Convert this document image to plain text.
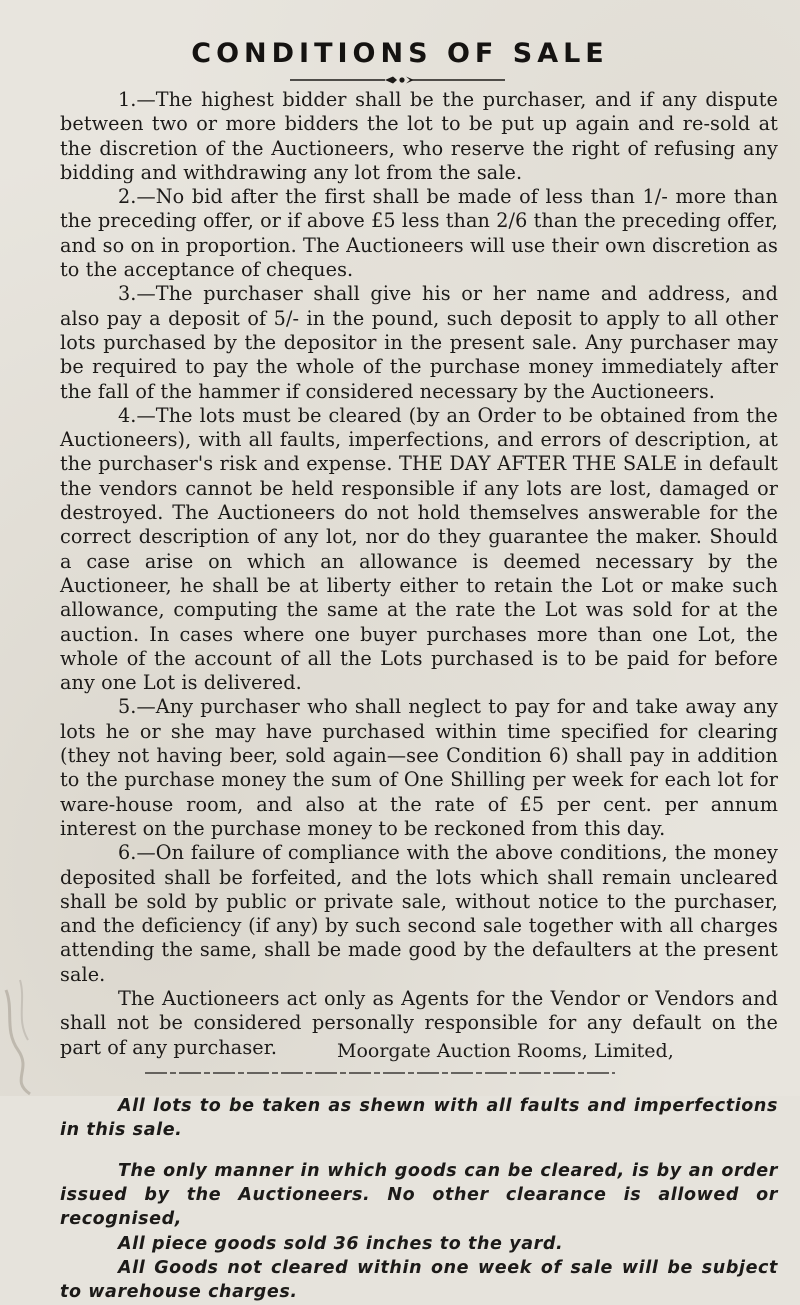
CONDITIONS OF SALE

1.—The highest bidder shall be the purchaser, and if any dispute between two or more bidders the lot to be put up again and re-sold at the discretion of the Auctioneers, who reserve the right of refusing any bidding and withdrawing any lot from the sale.

2.—No bid after the first shall be made of less than 1/- more than the preceding offer, or if above £5 less than 2/6 than the preceding offer, and so on in proportion. The Auctioneers will use their own discretion as to the acceptance of cheques.

3.—The purchaser shall give his or her name and address, and also pay a deposit of 5/- in the pound, such deposit to apply to all other lots purchased by the depositor in the present sale. Any purchaser may be required to pay the whole of the purchase money immediately after the fall of the hammer if considered necessary by the Auctioneers.

4.—The lots must be cleared (by an Order to be obtained from the Auctioneers), with all faults, imperfections, and errors of description, at the purchaser's risk and expense. THE DAY AFTER THE SALE in default the vendors cannot be held responsible if any lots are lost, damaged or destroyed. The Auctioneers do not hold themselves answerable for the correct description of any lot, nor do they guarantee the maker. Should a case arise on which an allowance is deemed necessary by the Auctioneer, he shall be at liberty either to retain the Lot or make such allowance, computing the same at the rate the Lot was sold for at the auction. In cases where one buyer purchases more than one Lot, the whole of the account of all the Lots purchased is to be paid for before any one Lot is delivered.

5.—Any purchaser who shall neglect to pay for and take away any lots he or she may have purchased within time specified for clearing (they not having beer, sold again—see Condition 6) shall pay in addition to the purchase money the sum of One Shilling per week for each lot for ware-house room, and also at the rate of £5 per cent. per annum interest on the purchase money to be reckoned from this day.

6.—On failure of compliance with the above conditions, the money deposited shall be forfeited, and the lots which shall remain uncleared shall be sold by public or private sale, without notice to the purchaser, and the deficiency (if any) by such second sale together with all charges attending the same, shall be made good by the defaulters at the present sale.

The Auctioneers act only as Agents for the Vendor or Vendors and shall not be considered personally responsible for any default on the part of any purchaser.

All lots to be taken as shewn with all faults and imperfections in this sale.

The only manner in which goods can be cleared, is by an order issued by the Auctioneers. No other clearance is allowed or recognised,

All piece goods sold 36 inches to the yard.

All Goods not cleared within one week of sale will be subject to warehouse charges.

Moorgate Auction Rooms, Limited,
